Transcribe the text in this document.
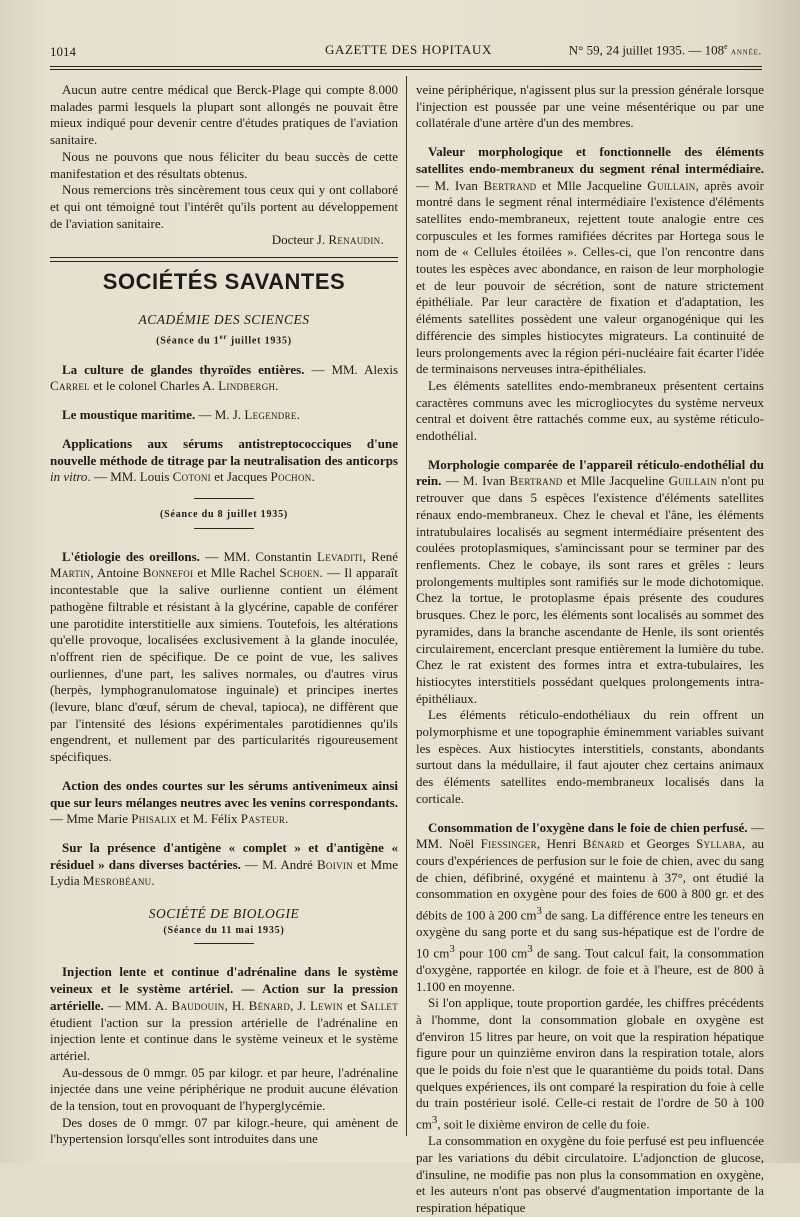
1014	GAZETTE DES HOPITAUX	N° 59, 24 juillet 1935. — 108e année.

Aucun autre centre médical que Berck-Plage qui compte 8.000 malades parmi lesquels la plupart sont allongés ne pouvait être mieux indiqué pour devenir centre d'études pratiques de l'aviation sanitaire.

Nous ne pouvons que nous féliciter du beau succès de cette manifestation et des résultats obtenus.

Nous remercions très sincèrement tous ceux qui y ont collaboré et qui ont témoigné tout l'intérêt qu'ils portent au développement de l'aviation sanitaire.

Docteur J. Renaudin.

SOCIÉTÉS SAVANTES

ACADÉMIE DES SCIENCES

(Séance du 1er juillet 1935)

La culture de glandes thyroïdes entières. — MM. Alexis Carrel et le colonel Charles A. Lindbergh.

Le moustique maritime. — M. J. Legendre.

Applications aux sérums antistreptococciques d'une nouvelle méthode de titrage par la neutralisation des anticorps in vitro. — MM. Louis Cotoni et Jacques Pochon.

(Séance du 8 juillet 1935)

L'étiologie des oreillons. — MM. Constantin Levaditi, René Martin, Antoine Bonnefoi et Mlle Rachel Schoen. — Il apparaît incontestable que la salive ourlienne contient un élément pathogène filtrable et résistant à la glycérine, capable de conférer une parotidite interstitielle aux simiens. Toutefois, les altérations qu'elle provoque, localisées exclusivement à la glande inoculée, n'offrent rien de spécifique. De ce point de vue, les salives ourliennes, d'une part, les salives normales, ou d'autres virus (herpès, lymphogranulomatose inguinale) et principes inertes (levure, blanc d'œuf, sérum de cheval, tapioca), ne diffèrent que par l'intensité des lésions expérimentales parotidiennes qu'ils engendrent, et nullement par des particularités rigoureusement spécifiques.

Action des ondes courtes sur les sérums antivenimeux ainsi que sur leurs mélanges neutres avec les venins correspondants. — Mme Marie Phisalix et M. Félix Pasteur.

Sur la présence d'antigène « complet » et d'antigène « résiduel » dans diverses bactéries. — M. André Boivin et Mme Lydia Mesrobéanu.

SOCIÉTÉ DE BIOLOGIE

(Séance du 11 mai 1935)

Injection lente et continue d'adrénaline dans le système veineux et le système artériel. — Action sur la pression artérielle. — MM. A. Baudouin, H. Bénard, J. Lewin et Sallet étudient l'action sur la pression artérielle de l'adrénaline en injection lente et continue dans le système veineux et le système artériel.

Au-dessous de 0 mmgr. 05 par kilogr. et par heure, l'adrénaline injectée dans une veine périphérique ne produit aucune élévation de la tension, tout en provoquant de l'hyperglycémie.

Des doses de 0 mmgr. 07 par kilogr.-heure, qui amènent de l'hypertension lorsqu'elles sont introduites dans une

veine périphérique, n'agissent plus sur la pression générale lorsque l'injection est poussée par une veine mésentérique ou par une collatérale d'une artère d'un des membres.

Valeur morphologique et fonctionnelle des éléments satellites endo-membraneux du segment rénal intermédiaire. — M. Ivan Bertrand et Mlle Jacqueline Guillain, après avoir montré dans le segment rénal intermédiaire l'existence d'éléments satellites endo-membraneux, rejettent toute analogie entre ces corpuscules et les formes ramifiées décrites par Hortega sous le nom de « Cellules étoilées ». Celles-ci, que l'on rencontre dans toutes les espèces avec abondance, en raison de leur morphologie et de leur pouvoir de sécrétion, sont de nature strictement épithéliale. Par leur caractère de fixation et d'adaptation, les éléments satellites possèdent une valeur organogénique qui les différencie des simples histiocytes migrateurs. La continuité de leurs prolongements avec la région péri-nucléaire fait écarter l'idée de terminaisons nerveuses intra-épithéliales.

Les éléments satellites endo-membraneux présentent certains caractères communs avec les microgliocytes du système nerveux central et doivent être rattachés comme eux, au système réticulo-endothélial.

Morphologie comparée de l'appareil réticulo-endothélial du rein. — M. Ivan Bertrand et Mlle Jacqueline Guillain n'ont pu retrouver que dans 5 espèces l'existence d'éléments satellites rénaux endo-membraneux. Chez le cheval et l'âne, les éléments intratubulaires localisés au segment intermédiaire présentent des coulées protoplasmiques, s'amincissant pour se terminer par des renflements. Chez le cobaye, ils sont rares et grêles : leurs prolongements multiples sont ramifiés sur le mode dichotomique. Chez la tortue, le protoplasme épais présente des coudures brusques. Chez le porc, les éléments sont localisés au sommet des pyramides, dans la branche ascendante de Henle, ils sont orientés circulairement, encerclant presque entièrement la lumière du tube. Chez le rat existent des formes intra et extra-tubulaires, les histiocytes interstitiels possédant quelques prolongements intra-épithéliaux.

Les éléments réticulo-endothéliaux du rein offrent un polymorphisme et une topographie éminemment variables suivant les espèces. Aux histiocytes interstitiels, constants, abondants surtout dans la médullaire, il faut ajouter chez certains animaux des éléments satellites endo-membraneux localisés dans la corticale.

Consommation de l'oxygène dans le foie de chien perfusé. — MM. Noël Fiessinger, Henri Bénard et Georges Syllaba, au cours d'expériences de perfusion sur le foie de chien, avec du sang de chien, défibriné, oxygéné et maintenu à 37°, ont étudié la consommation en oxygène pour des foies de 600 à 800 gr. et des débits de 100 à 200 $cm^3$ de sang. La différence entre les teneurs en oxygène du sang porte et du sang sus-hépatique est de l'ordre de 10 $cm^3$ pour 100 $cm^3$ de sang. Tout calcul fait, la consommation d'oxygène, rapportée en kilogr. de foie et à l'heure, est de 800 à 1.100 en moyenne.

Si l'on applique, toute proportion gardée, les chiffres précédents à l'homme, dont la consommation globale en oxygène est d'environ 15 litres par heure, on voit que la respiration hépatique figure pour un quinzième environ dans la respiration totale, alors que le poids du foie n'est que le quarantième du poids total. Dans quelques expériences, ils ont comparé la respiration du foie à celle du train postérieur isolé. Celle-ci restait de l'ordre de 50 à 100 $cm^3$, soit le dixième environ de celle du foie.

La consommation en oxygène du foie perfusé est peu influencée par les variations du débit circulatoire. L'adjonction de glucose, d'insuline, ne modifie pas non plus la consommation en oxygène, et les auteurs n'ont pas observé d'augmentation importante de la respiration hépatique
